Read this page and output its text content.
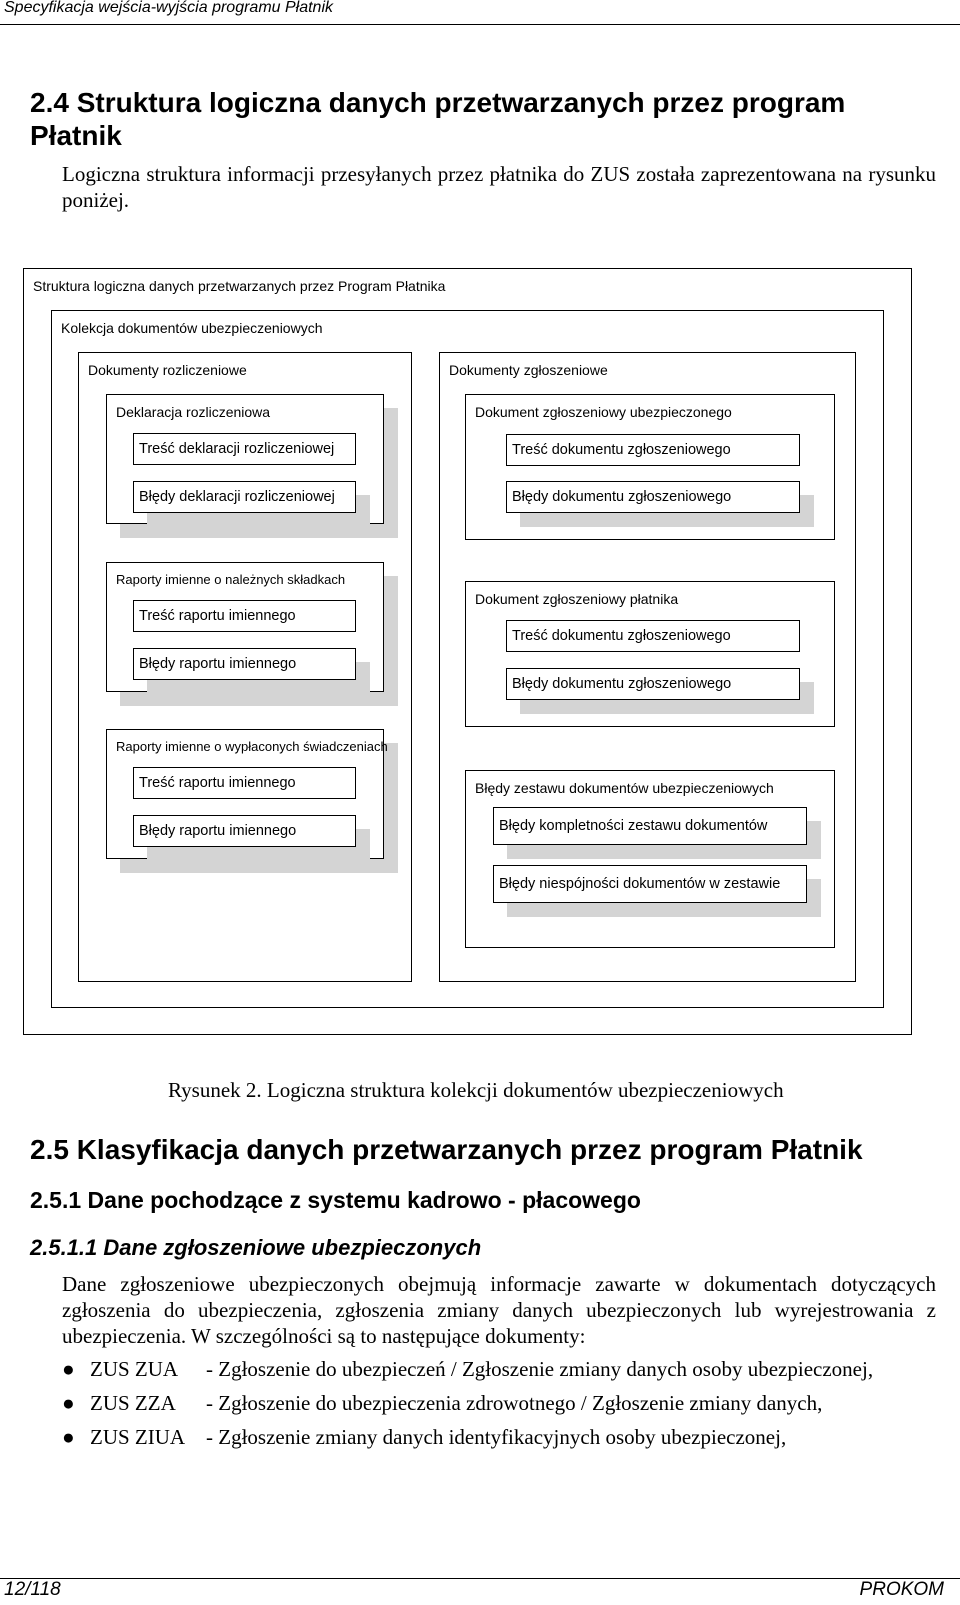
Specyfikacja wejścia-wyjścia programu Płatnik
2.4 Struktura logiczna danych przetwarzanych przez program Płatnik
Logiczna struktura informacji przesyłanych przez płatnika do ZUS została zaprezentowana na rysunku poniżej.
Struktura logiczna danych przetwarzanych przez Program Płatnika
Kolekcja dokumentów ubezpieczeniowych
Dokumenty rozliczeniowe
Deklaracja rozliczeniowa
Treść deklaracji rozliczeniowej
Błędy deklaracji rozliczeniowej
Raporty imienne o należnych składkach
Treść raportu imiennego
Błędy raportu imiennego
Raporty imienne o wypłaconych świadczeniach
Treść raportu imiennego
Błędy raportu imiennego
Dokumenty zgłoszeniowe
Dokument zgłoszeniowy ubezpieczonego
Treść dokumentu zgłoszeniowego
Błędy dokumentu zgłoszeniowego
Dokument zgłoszeniowy płatnika
Treść dokumentu zgłoszeniowego
Błędy dokumentu zgłoszeniowego
Błędy zestawu dokumentów ubezpieczeniowych
Błędy kompletności zestawu dokumentów
Błędy niespójności dokumentów w zestawie
Rysunek 2. Logiczna struktura kolekcji dokumentów ubezpieczeniowych
2.5 Klasyfikacja danych przetwarzanych przez program Płatnik
2.5.1 Dane pochodzące z systemu kadrowo - płacowego
2.5.1.1 Dane zgłoszeniowe ubezpieczonych
Dane zgłoszeniowe ubezpieczonych obejmują informacje zawarte w dokumentach dotyczących zgłoszenia do ubezpieczenia, zgłoszenia zmiany danych ubezpieczonych lub wyrejestrowania z ubezpieczenia. W szczególności są to następujące dokumenty:
● ZUS ZUA - Zgłoszenie do ubezpieczeń / Zgłoszenie zmiany danych osoby ubezpieczonej,
● ZUS ZZA - Zgłoszenie do ubezpieczenia zdrowotnego / Zgłoszenie zmiany danych,
● ZUS ZIUA - Zgłoszenie zmiany danych identyfikacyjnych osoby ubezpieczonej,
12/118	PROKOM
